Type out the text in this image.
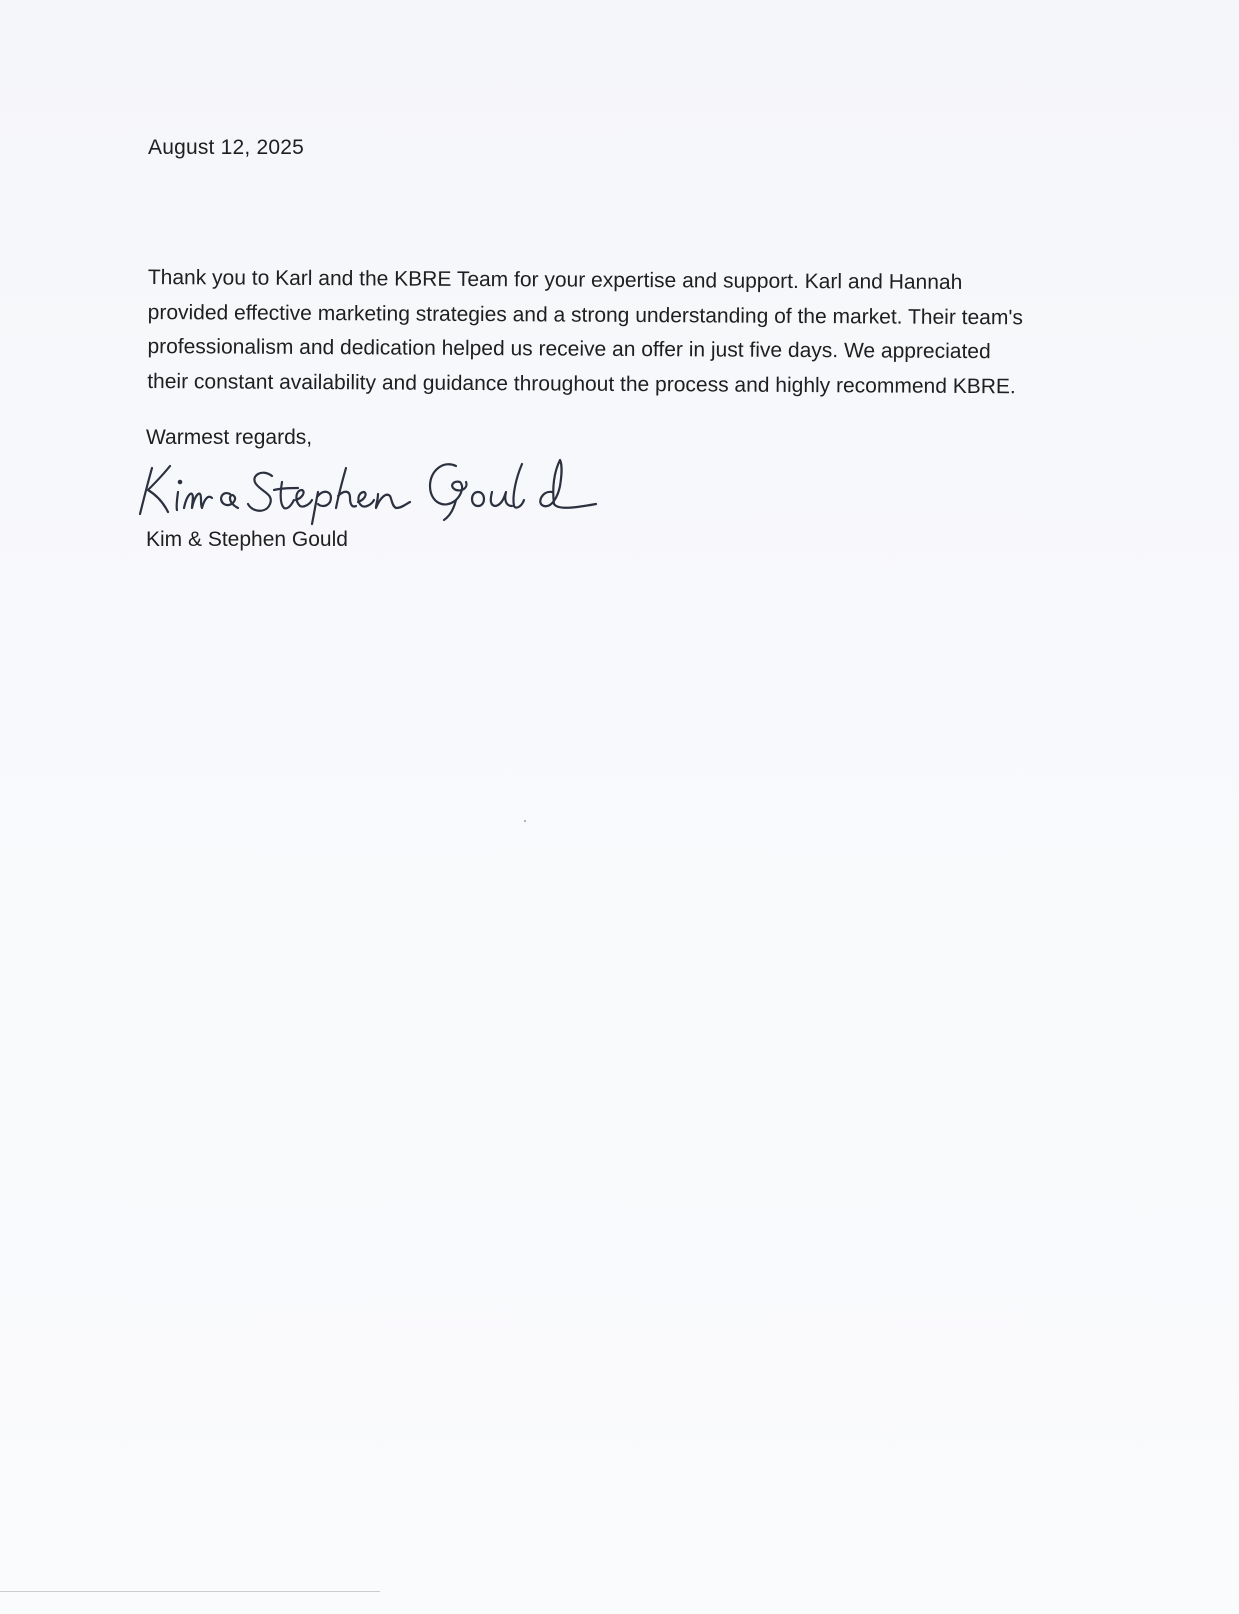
August 12, 2025

Thank you to Karl and the KBRE Team for your expertise and support. Karl and Hannah provided effective marketing strategies and a strong understanding of the market. Their team's professionalism and dedication helped us receive an offer in just five days. We appreciated their constant availability and guidance throughout the process and highly recommend KBRE.

Warmest regards,
Kim & Stephen Gould
